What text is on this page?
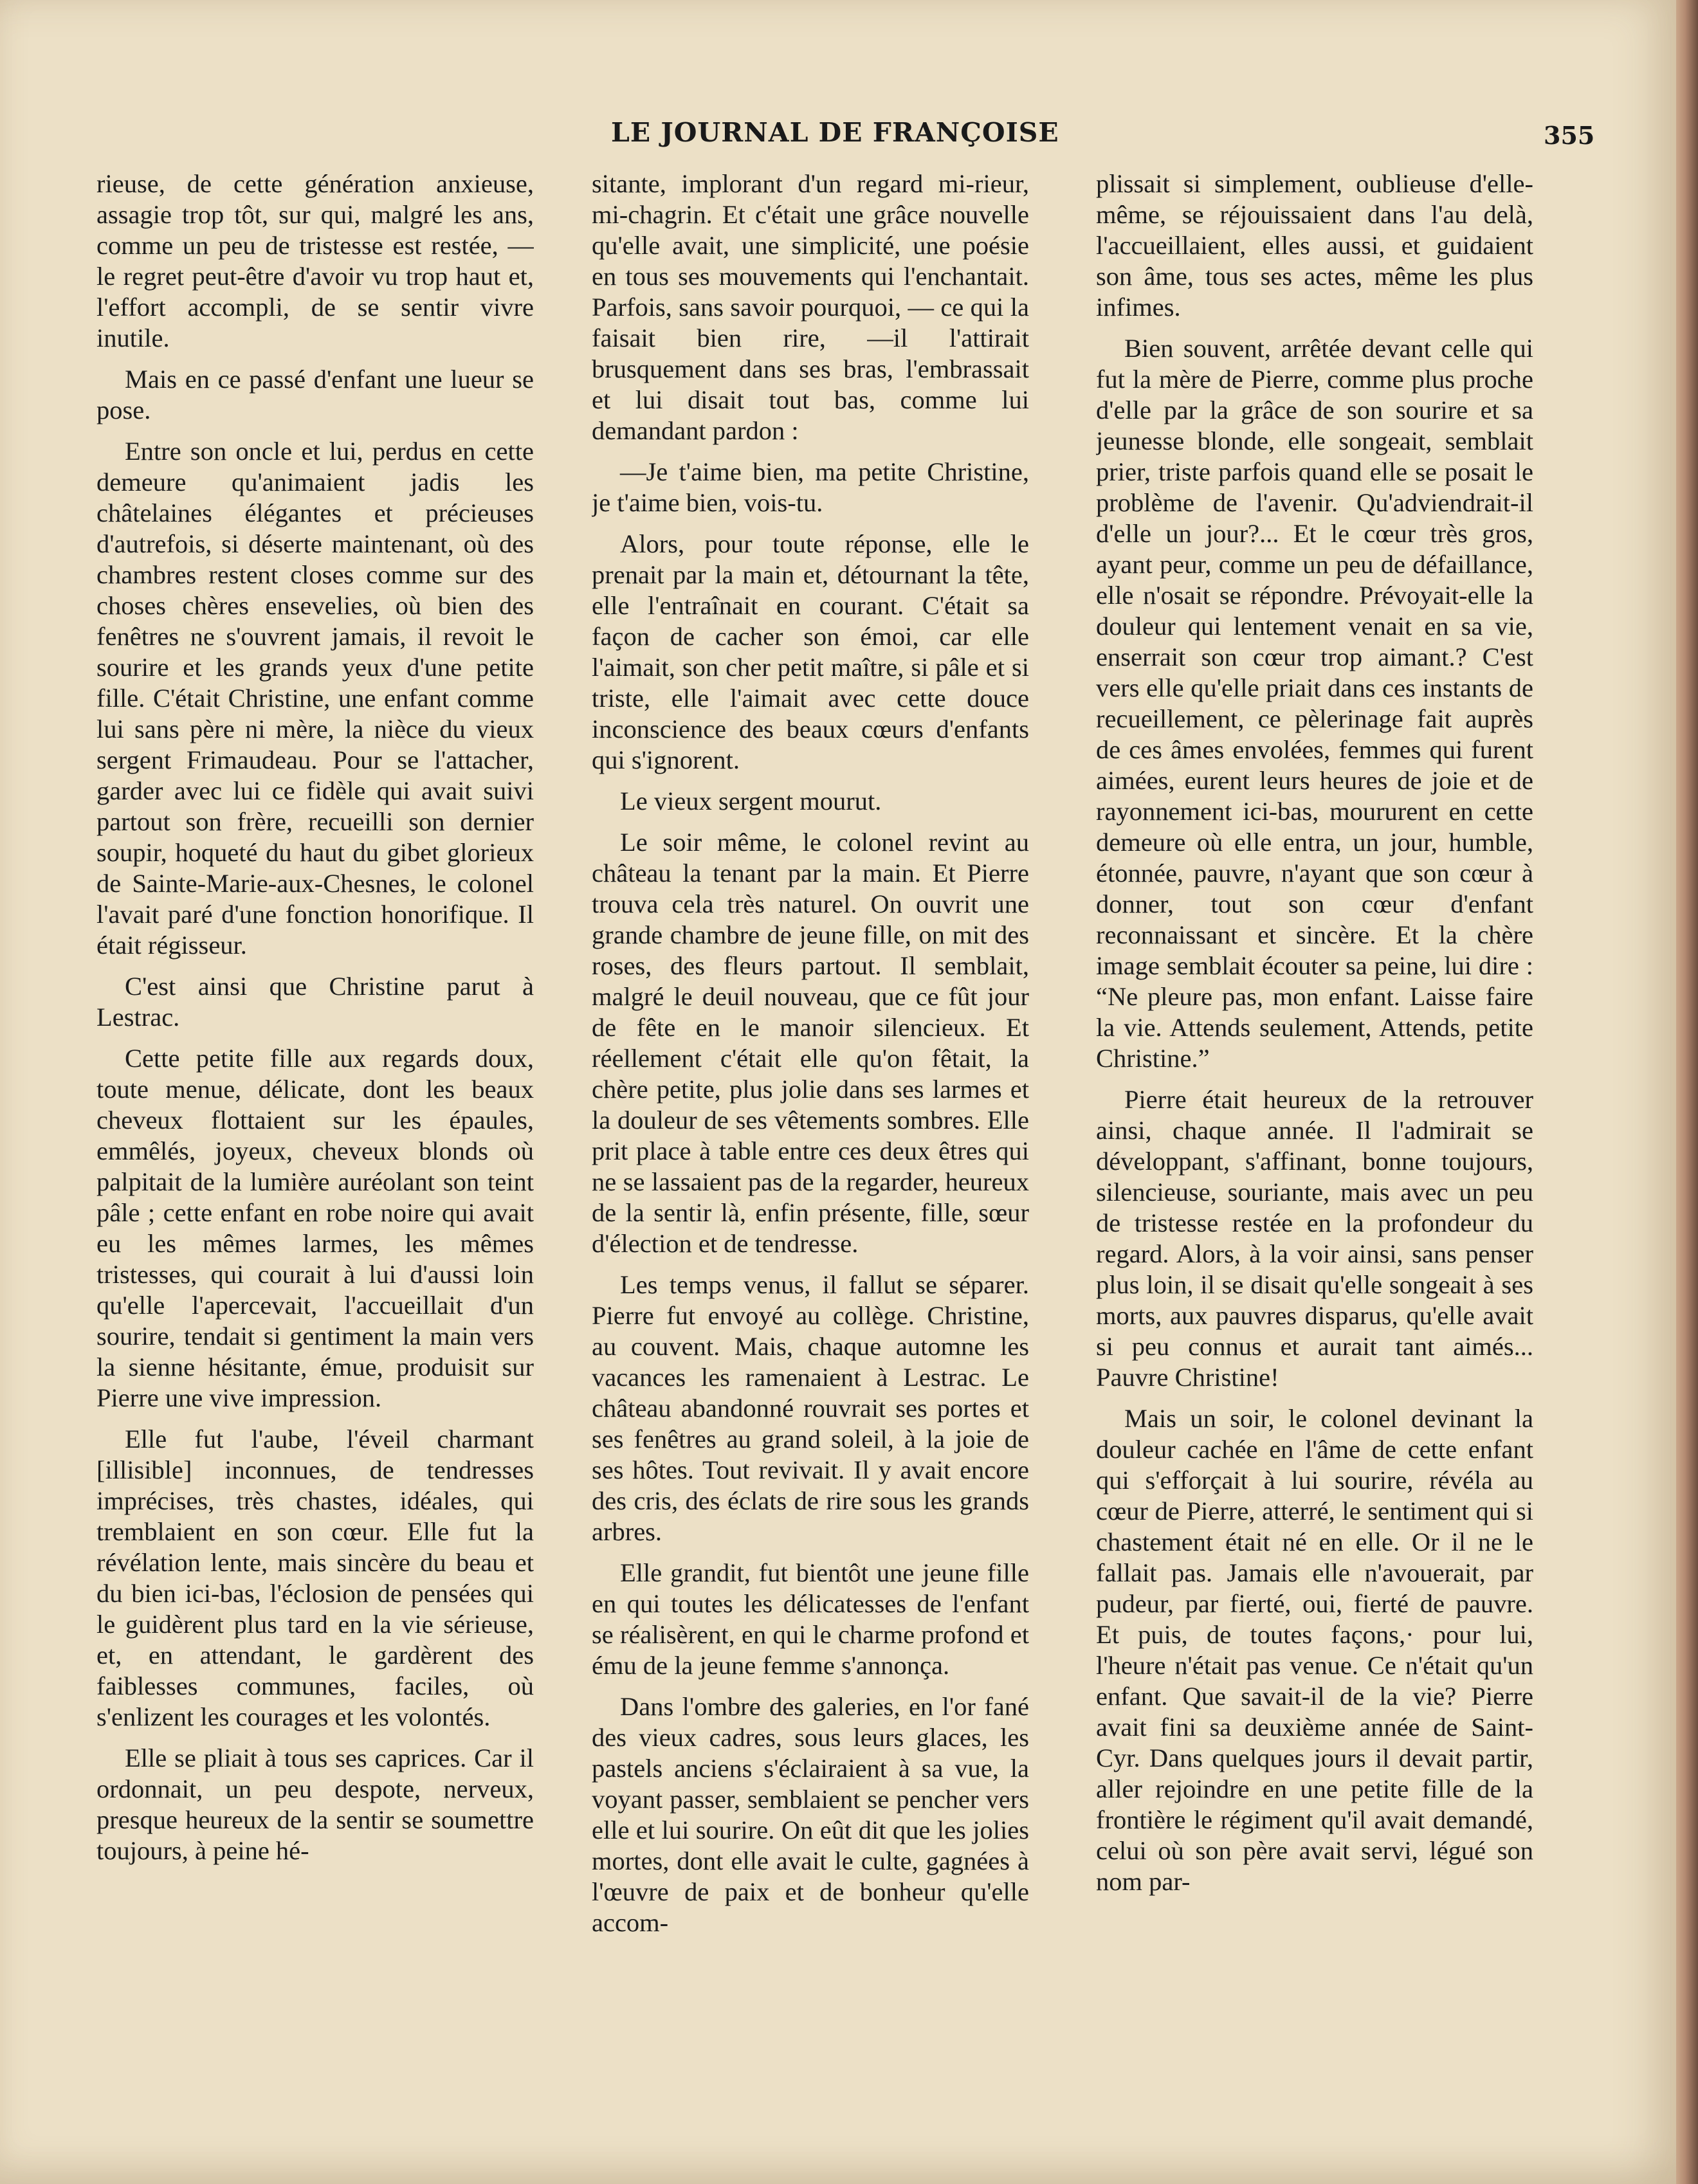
LE JOURNAL DE FRANÇOISE	355

rieuse, de cette génération anxieuse, assagie trop tôt, sur qui, malgré les ans, comme un peu de tristesse est restée, — le regret peut-être d'avoir vu trop haut et, l'effort accompli, de se sentir vivre inutile.

Mais en ce passé d'enfant une lueur se pose.

Entre son oncle et lui, perdus en cette demeure qu'animaient jadis les châtelaines élégantes et précieuses d'autrefois, si déserte maintenant, où des chambres restent closes comme sur des choses chères ensevelies, où bien des fenêtres ne s'ouvrent jamais, il revoit le sourire et les grands yeux d'une petite fille. C'était Christine, une enfant comme lui sans père ni mère, la nièce du vieux sergent Frimaudeau. Pour se l'attacher, garder avec lui ce fidèle qui avait suivi partout son frère, recueilli son dernier soupir, hoqueté du haut du gibet glorieux de Sainte-Marie-aux-Chesnes, le colonel l'avait paré d'une fonction honorifique. Il était régisseur.

C'est ainsi que Christine parut à Lestrac.

Cette petite fille aux regards doux, toute menue, délicate, dont les beaux cheveux flottaient sur les épaules, emmêlés, joyeux, cheveux blonds où palpitait de la lumière auréolant son teint pâle ; cette enfant en robe noire qui avait eu les mêmes larmes, les mêmes tristesses, qui courait à lui d'aussi loin qu'elle l'apercevait, l'accueillait d'un sourire, tendait si gentiment la main vers la sienne hésitante, émue, produisit sur Pierre une vive impression.

Elle fut l'aube, l'éveil charmant [illisible] inconnues, de tendresses imprécises, très chastes, idéales, qui tremblaient en son cœur. Elle fut la révélation lente, mais sincère du beau et du bien ici-bas, l'éclosion de pensées qui le guidèrent plus tard en la vie sérieuse, et, en attendant, le gardèrent des faiblesses communes, faciles, où s'enlizent les courages et les volontés.

Elle se pliait à tous ses caprices. Car il ordonnait, un peu despote, nerveux, presque heureux de la sentir se soumettre toujours, à peine hé-

sitante, implorant d'un regard mi-rieur, mi-chagrin. Et c'était une grâce nouvelle qu'elle avait, une simplicité, une poésie en tous ses mouvements qui l'enchantait. Parfois, sans savoir pourquoi, — ce qui la faisait bien rire, —il l'attirait brusquement dans ses bras, l'embrassait et lui disait tout bas, comme lui demandant pardon :

—Je t'aime bien, ma petite Christine, je t'aime bien, vois-tu.

Alors, pour toute réponse, elle le prenait par la main et, détournant la tête, elle l'entraînait en courant. C'était sa façon de cacher son émoi, car elle l'aimait, son cher petit maître, si pâle et si triste, elle l'aimait avec cette douce inconscience des beaux cœurs d'enfants qui s'ignorent.

Le vieux sergent mourut.

Le soir même, le colonel revint au château la tenant par la main. Et Pierre trouva cela très naturel. On ouvrit une grande chambre de jeune fille, on mit des roses, des fleurs partout. Il semblait, malgré le deuil nouveau, que ce fût jour de fête en le manoir silencieux. Et réellement c'était elle qu'on fêtait, la chère petite, plus jolie dans ses larmes et la douleur de ses vêtements sombres. Elle prit place à table entre ces deux êtres qui ne se lassaient pas de la regarder, heureux de la sentir là, enfin présente, fille, sœur d'élection et de tendresse.

Les temps venus, il fallut se séparer. Pierre fut envoyé au collège. Christine, au couvent. Mais, chaque automne les vacances les ramenaient à Lestrac. Le château abandonné rouvrait ses portes et ses fenêtres au grand soleil, à la joie de ses hôtes. Tout revivait. Il y avait encore des cris, des éclats de rire sous les grands arbres.

Elle grandit, fut bientôt une jeune fille en qui toutes les délicatesses de l'enfant se réalisèrent, en qui le charme profond et ému de la jeune femme s'annonça.

Dans l'ombre des galeries, en l'or fané des vieux cadres, sous leurs glaces, les pastels anciens s'éclairaient à sa vue, la voyant passer, semblaient se pencher vers elle et lui sourire. On eût dit que les jolies mortes, dont elle avait le culte, gagnées à l'œuvre de paix et de bonheur qu'elle accom-

plissait si simplement, oublieuse d'elle-même, se réjouissaient dans l'au delà, l'accueillaient, elles aussi, et guidaient son âme, tous ses actes, même les plus infimes.

Bien souvent, arrêtée devant celle qui fut la mère de Pierre, comme plus proche d'elle par la grâce de son sourire et sa jeunesse blonde, elle songeait, semblait prier, triste parfois quand elle se posait le problème de l'avenir. Qu'adviendrait-il d'elle un jour?... Et le cœur très gros, ayant peur, comme un peu de défaillance, elle n'osait se répondre. Prévoyait-elle la douleur qui lentement venait en sa vie, enserrait son cœur trop aimant.? C'est vers elle qu'elle priait dans ces instants de recueillement, ce pèlerinage fait auprès de ces âmes envolées, femmes qui furent aimées, eurent leurs heures de joie et de rayonnement ici-bas, moururent en cette demeure où elle entra, un jour, humble, étonnée, pauvre, n'ayant que son cœur à donner, tout son cœur d'enfant reconnaissant et sincère. Et la chère image semblait écouter sa peine, lui dire : “Ne pleure pas, mon enfant. Laisse faire la vie. Attends seulement, Attends, petite Christine.”

Pierre était heureux de la retrouver ainsi, chaque année. Il l'admirait se développant, s'affinant, bonne toujours, silencieuse, souriante, mais avec un peu de tristesse restée en la profondeur du regard. Alors, à la voir ainsi, sans penser plus loin, il se disait qu'elle songeait à ses morts, aux pauvres disparus, qu'elle avait si peu connus et aurait tant aimés... Pauvre Christine!

Mais un soir, le colonel devinant la douleur cachée en l'âme de cette enfant qui s'efforçait à lui sourire, révéla au cœur de Pierre, atterré, le sentiment qui si chastement était né en elle. Or il ne le fallait pas. Jamais elle n'avouerait, par pudeur, par fierté, oui, fierté de pauvre. Et puis, de toutes façons,· pour lui, l'heure n'était pas venue. Ce n'était qu'un enfant. Que savait-il de la vie? Pierre avait fini sa deuxième année de Saint-Cyr. Dans quelques jours il devait partir, aller rejoindre en une petite fille de la frontière le régiment qu'il avait demandé, celui où son père avait servi, légué son nom par-
